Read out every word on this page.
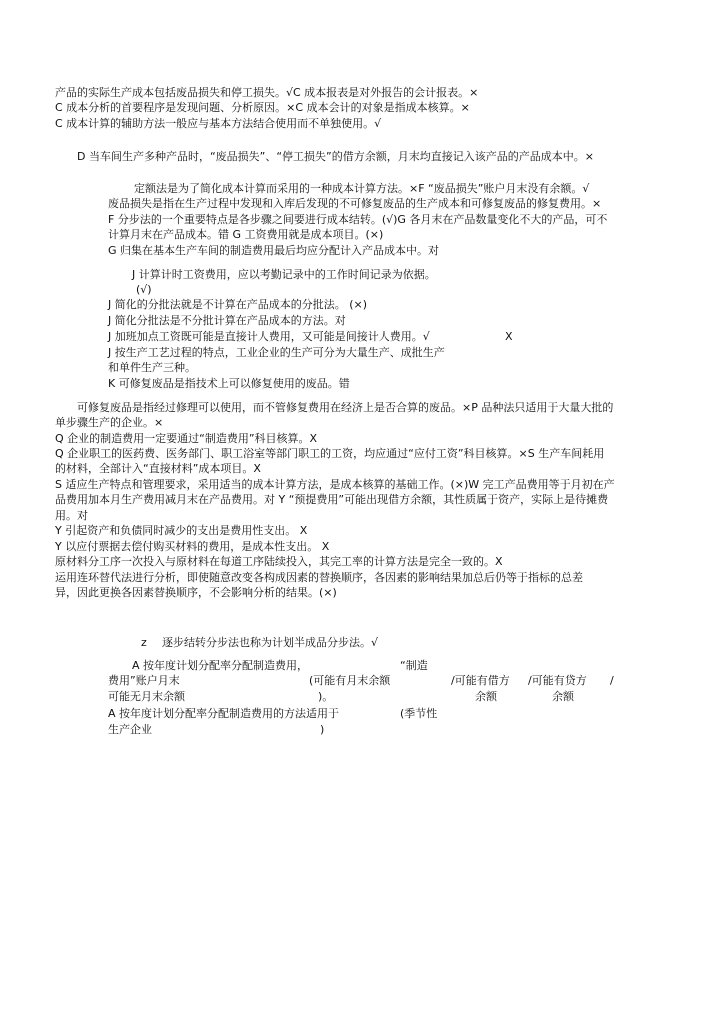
产品的实际生产成本包括废品损失和停工损失。√C 成本报表是对外报告的会计报表。×
C 成本分析的首要程序是发现问题、分析原因。×C 成本会计的对象是指成本核算。×
C 成本计算的辅助方法一般应与基本方法结合使用而不单独使用。√
D 当车间生产多种产品时，“废品损失”、“停工损失”的借方余额，月末均直接记入该产品的产品成本中。×
定额法是为了简化成本计算而采用的一种成本计算方法。×F “废品损失”账户月末没有余额。√
废品损失是指在生产过程中发现和入库后发现的不可修复废品的生产成本和可修复废品的修复费用。×
F 分步法的一个重要特点是各步骤之间要进行成本结转。(√)G 各月末在产品数量变化不大的产品，可不
计算月末在产品成本。错 G 工资费用就是成本项目。(×)
G 归集在基本生产车间的制造费用最后均应分配计入产品成本中。对
J 计算计时工资费用，应以考勤记录中的工作时间记录为依据。
(√)
J 简化的分批法就是不计算在产品成本的分批法。 (×)
J 简化分批法是不分批计算在产品成本的方法。对
J 加班加点工资既可能是直接计人费用，又可能是间接计人费用。√	X
J 按生产工艺过程的特点，工业企业的生产可分为大量生产、成批生产
和单件生产三种。
K 可修复废品是指技术上可以修复使用的废品。错
可修复废品是指经过修理可以使用，而不管修复费用在经济上是否合算的废品。×P 品种法只适用于大量大批的
单步骤生产的企业。×
Q 企业的制造费用一定要通过“制造费用”科目核算。X
Q 企业职工的医药费、医务部门、职工浴室等部门职工的工资，均应通过“应付工资”科目核算。×S 生产车间耗用
的材料，全部计入“直接材料”成本项目。X
S 适应生产特点和管理要求，采用适当的成本计算方法，是成本核算的基础工作。(×)W 完工产品费用等于月初在产
品费用加本月生产费用减月末在产品费用。对 Y “预提费用”可能出现借方余额，其性质属于资产，实际上是待摊费
用。对
Y 引起资产和负债同时减少的支出是费用性支出。 X
Y 以应付票据去偿付购买材料的费用，是成本性支出。 X
原材料分工序一次投入与原材料在每道工序陆续投入，其完工率的计算方法是完全一致的。X
运用连环替代法进行分析，即使随意改变各构成因素的替换顺序，各因素的影响结果加总后仍等于指标的总差
异，因此更换各因素替换顺序，不会影响分析的结果。(×)
z 逐步结转分步法也称为计划半成品分步法。√
A 按年度计划分配率分配制造费用，	“制造
费用”账户月末	(可能有月末余额	/可能有借方 /可能有贷方 /
可能无月末余额	)。	余额	余额
A 按年度计划分配率分配制造费用的方法适用于	(季节性
生产企业	)
